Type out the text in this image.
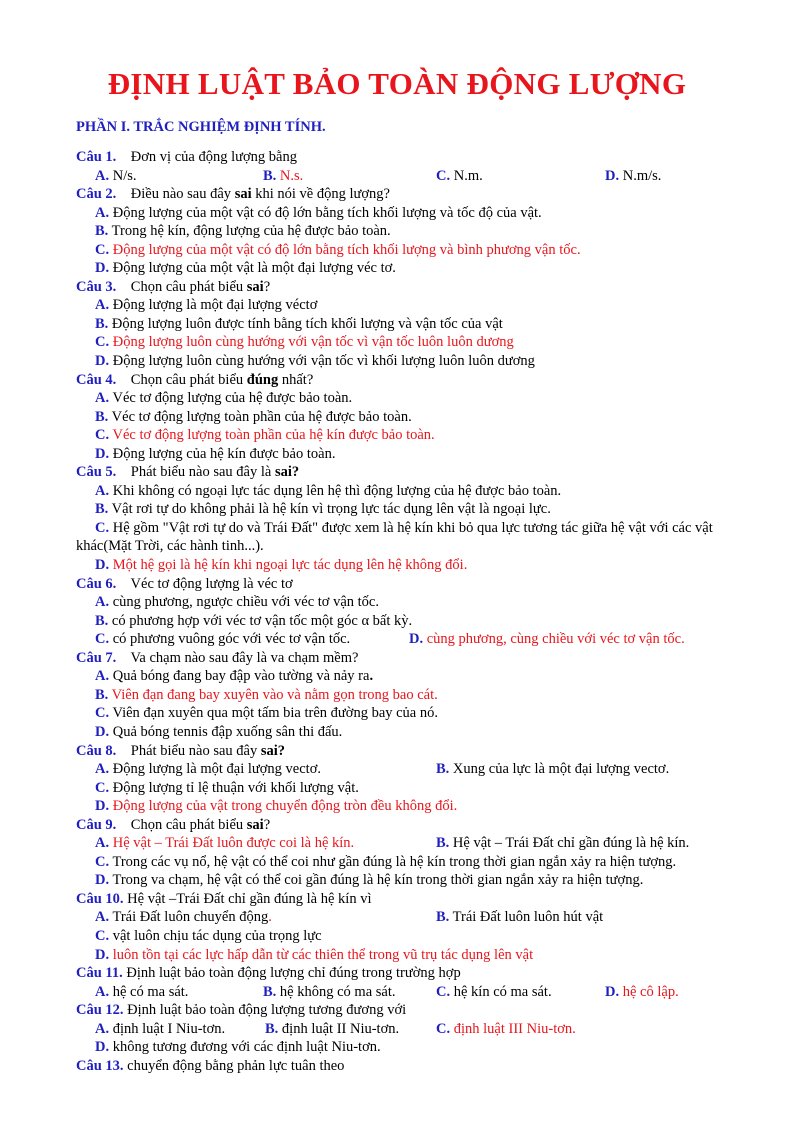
ĐỊNH LUẬT BẢO TOÀN ĐỘNG LƯỢNG
PHẦN I. TRẮC NGHIỆM ĐỊNH TÍNH.
Câu 1. Đơn vị của động lượng bằng
A. N/s.	B. N.s.	C. N.m.	D. N.m/s.
Câu 2. Điều nào sau đây sai khi nói về động lượng?
A. Động lượng của một vật có độ lớn bằng tích khối lượng và tốc độ của vật.
B. Trong hệ kín, động lượng của hệ được bảo toàn.
C. Động lượng của một vật có độ lớn bằng tích khối lượng và bình phương vận tốc.
D. Động lượng của một vật là một đại lượng véc tơ.
Câu 3. Chọn câu phát biểu sai?
A. Động lượng là một đại lượng véctơ
B. Động lượng luôn được tính bằng tích khối lượng và vận tốc của vật
C. Động lượng luôn cùng hướng với vận tốc vì vận tốc luôn luôn dương
D. Động lượng luôn cùng hướng với vận tốc vì khối lượng luôn luôn dương
Câu 4. Chọn câu phát biểu đúng nhất?
A. Véc tơ động lượng của hệ được bảo toàn.
B. Véc tơ động lượng toàn phần của hệ được bảo toàn.
C. Véc tơ động lượng toàn phần của hệ kín được bảo toàn.
D. Động lượng của hệ kín được bảo toàn.
Câu 5. Phát biểu nào sau đây là sai?
A. Khi không có ngoại lực tác dụng lên hệ thì động lượng của hệ được bảo toàn.
B. Vật rơi tự do không phải là hệ kín vì trọng lực tác dụng lên vật là ngoại lực.
C. Hệ gồm "Vật rơi tự do và Trái Đất" được xem là hệ kín khi bỏ qua lực tương tác giữa hệ vật với các vật khác(Mặt Trời, các hành tinh...).
D. Một hệ gọi là hệ kín khi ngoại lực tác dụng lên hệ không đổi.
Câu 6. Véc tơ động lượng là véc tơ
A. cùng phương, ngược chiều với véc tơ vận tốc.
B. có phương hợp với véc tơ vận tốc một góc α bất kỳ.
C. có phương vuông góc với véc tơ vận tốc.	D. cùng phương, cùng chiều với véc tơ vận tốc.
Câu 7. Va chạm nào sau đây là va chạm mềm?
A. Quả bóng đang bay đập vào tường và nảy ra.
B. Viên đạn đang bay xuyên vào và nằm gọn trong bao cát.
C. Viên đạn xuyên qua một tấm bia trên đường bay của nó.
D. Quả bóng tennis đập xuống sân thi đấu.
Câu 8. Phát biểu nào sau đây sai?
A. Động lượng là một đại lượng vectơ.	B. Xung của lực là một đại lượng vectơ.
C. Động lượng tỉ lệ thuận với khối lượng vật.
D. Động lượng của vật trong chuyển động tròn đều không đổi.
Câu 9. Chọn câu phát biểu sai?
A. Hệ vật – Trái Đất luôn được coi là hệ kín.	B. Hệ vật – Trái Đất chỉ gần đúng là hệ kín.
C. Trong các vụ nổ, hệ vật có thể coi như gần đúng là hệ kín trong thời gian ngắn xảy ra hiện tượng.
D. Trong va chạm, hệ vật có thể coi gần đúng là hệ kín trong thời gian ngắn xảy ra hiện tượng.
Câu 10. Hệ vật –Trái Đất chỉ gần đúng là hệ kín vì
A. Trái Đất luôn chuyển động.	B. Trái Đất luôn luôn hút vật
C. vật luôn chịu tác dụng của trọng lực
D. luôn tồn tại các lực hấp dẫn từ các thiên thể trong vũ trụ tác dụng lên vật
Câu 11. Định luật bảo toàn động lượng chỉ đúng trong trường hợp
A. hệ có ma sát.	B. hệ không có ma sát.	C. hệ kín có ma sát.	D. hệ cô lập.
Câu 12. Định luật bảo toàn động lượng tương đương với
A. định luật I Niu-tơn.	B. định luật II Niu-tơn.	C. định luật III Niu-tơn.
D. không tương đương với các định luật Niu-tơn.
Câu 13. chuyển động bằng phản lực tuân theo
